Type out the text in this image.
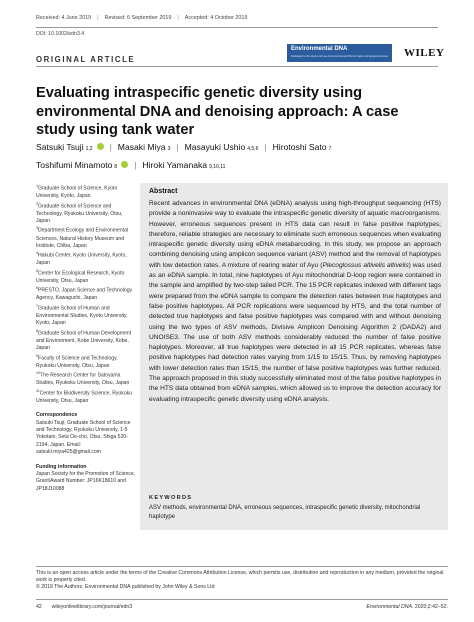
Received: 4 June 2019 | Revised: 6 September 2019 | Accepted: 4 October 2019
DOI: 10.1002/edn3.4
Environmental DNA
Dedicated to the study and use of environmental DNA for basic and applied sciences WILEY
ORIGINAL ARTICLE
Evaluating intraspecific genetic diversity using environmental DNA and denoising approach: A case study using tank water
Satsuki Tsuji $_{1,2}$ | Masaki Miya $_3$ | Masayuki Ushio $_{4,5,6}$ | Hirotoshi Sato $_7$

Toshifumi Minamoto $_8$ | Hiroki Yamanaka $_{9,10,11}$

$^1$Graduate School of Science, Kyoto University, Kyoto, Japan

$^2$Graduate School of Science and Technology, Ryukoku University, Otsu, Japan

$^3$Department Ecology and Environmental Sciences, Natural History Museum and Institute, Chiba, Japan

$^4$Hakubi Center, Kyoto University, Kyoto, Japan

$^5$Center for Ecological Research, Kyoto University, Otsu, Japan

$^6$PRESTO, Japan Science and Technology Agency, Kawaguchi, Japan

$^7$Graduate School of Human and Environmental Studies, Kyoto University, Kyoto, Japan

$^8$Graduate School of Human Development and Environment, Kobe University, Kobe, Japan

$^9$Faculty of Science and Technology, Ryukoku University, Otsu, Japan

$^{10}$The Research Center for Satoyama Studies, Ryukoku University, Otsu, Japan

$^{11}$Center for Biodiversity Science, Ryukoku University, Otsu, Japan

Correspondence
Satsuki Tsuji, Graduate School of Science and Technology, Ryukoku University, 1-5 Yokotani, Seta Oe-cho, Otsu, Shiga 520-2194, Japan. Email: satsuki.miya425@gmail.com
Funding information
Japan Society for the Promotion of Science, Grant/Award Number: JP16K18610 and JP18J10088
Abstract
Recent advances in environmental DNA (eDNA) analysis using high-throughput sequencing (HTS) provide a noninvasive way to evaluate the intraspecific genetic diversity of aquatic macroorganisms. However, erroneous sequences present in HTS data can result in false positive haplotypes; therefore, reliable strategies are necessary to eliminate such erroneous sequences when evaluating intraspecific genetic diversity using eDNA metabarcoding. In this study, we propose an approach combining denoising using amplicon sequence variant (ASV) method and the removal of haplotypes with low detection rates. A mixture of rearing water of Ayu (Plecoglossus altivelis altivelis) was used as an eDNA sample. In total, nine haplotypes of Ayu mitochondrial D-loop region were contained in the sample and amplified by two-step tailed PCR. The 15 PCR replicates indexed with different tags were prepared from the eDNA sample to compare the detection rates between true haplotypes and false positive haplotypes. All PCR replications were sequenced by HTS, and the total number of detected true haplotypes and false positive haplotypes was compared with and without denoising using the two types of ASV methods, Divisive Amplicon Denoising Algorithm 2 (DADA2) and UNOISE3. The use of both ASV methods considerably reduced the number of false positive haplotypes. Moreover, all true haplotypes were detected in all 15 PCR replicates, whereas false positive haplotypes had detection rates varying from 1/15 to 15/15. Thus, by removing haplotypes with lower detection rates than 15/15, the number of false positive haplotypes was further reduced. The approach proposed in this study successfully eliminated most of the false positive haplotypes in the HTS data obtained from eDNA samples, which allowed us to improve the detection accuracy for evaluating intraspecific genetic diversity using eDNA analysis.
KEYWORDS
ASV methods, environmental DNA, erroneous sequences, intraspecific genetic diversity, mitochondrial haplotype
This is an open access article under the terms of the Creative Commons Attribution License, which permits use, distribution and reproduction in any medium, provided the original work is properly cited.
© 2019 The Authors. Environmental DNA published by John Wiley & Sons Ltd
42 wileyonlinelibrary.com/journal/edn3	Environmental DNA. 2020;2:42–52.
